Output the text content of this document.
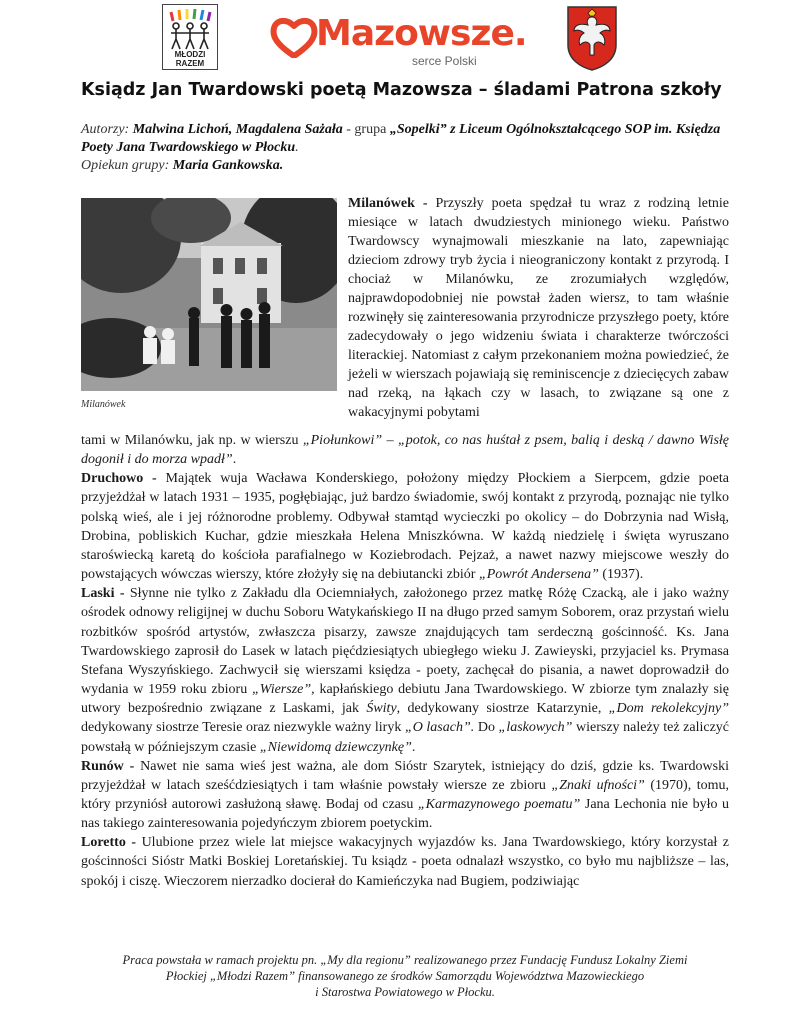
MŁODZI
RAZEM
Mazowsze.
serce Polski
Ksiądz Jan Twardowski poetą Mazowsza – śladami Patrona szkoły
Autorzy: Malwina Lichoń, Magdalena Sażała - grupa „Sopelki” z Liceum Ogólnokształcącego SOP im. Księdza Poety Jana Twardowskiego w Płocku.
Opiekun grupy: Maria Gankowska.
Milanówek
Milanówek - Przyszły poeta spędzał tu wraz z rodziną letnie miesiące w latach dwudziestych minionego wieku. Państwo Twardowscy wynajmowali mieszkanie na lato, zapewniając dzieciom zdrowy tryb życia i nieograniczony kontakt z przyrodą. I chociaż w Milanówku, ze zrozumiałych względów, najprawdopodobniej nie powstał żaden wiersz, to tam właśnie rozwinęły się zainteresowania przyrodnicze przyszłego poety, które zadecydowały o jego widzeniu świata i charakterze twórczości literackiej. Natomiast z całym przekonaniem można powiedzieć, że jeżeli w wierszach pojawiają się reminiscencje z dziecięcych zabaw nad rzeką, na łąkach czy w lasach, to związane są one z wakacyjnymi pobytami

tami w Milanówku, jak np. w wierszu „Piołunkowi” – „potok, co nas huśtał z psem, balią i deską / dawno Wisłę dogonił i do morza wpadł”.

Druchowo - Majątek wuja Wacława Konderskiego, położony między Płockiem a Sierpcem, gdzie poeta przyjeżdżał w latach 1931 – 1935, pogłębiając, już bardzo świadomie, swój kontakt z przyrodą, poznając nie tylko polską wieś, ale i jej różnorodne problemy. Odbywał stamtąd wycieczki po okolicy – do Dobrzynia nad Wisłą, Drobina, pobliskich Kuchar, gdzie mieszkała Helena Mniszkówna. W każdą niedzielę i święta wyruszano staroświecką karetą do kościoła parafialnego w Koziebrodach. Pejzaż, a nawet nazwy miejscowe weszły do powstających wówczas wierszy, które złożyły się na debiutancki zbiór „Powrót Andersena” (1937).

Laski - Słynne nie tylko z Zakładu dla Ociemniałych, założonego przez matkę Różę Czacką, ale i jako ważny ośrodek odnowy religijnej w duchu Soboru Watykańskiego II na długo przed samym Soborem, oraz przystań wielu rozbitków spośród artystów, zwłaszcza pisarzy, zawsze znajdujących tam serdeczną gościnność. Ks. Jana Twardowskiego zaprosił do Lasek w latach pięćdziesiątych ubiegłego wieku J. Zawieyski, przyjaciel ks. Prymasa Stefana Wyszyńskiego. Zachwycił się wierszami księdza - poety, zachęcał do pisania, a nawet doprowadził do wydania w 1959 roku zbioru „Wiersze”, kapłańskiego debiutu Jana Twardowskiego. W zbiorze tym znalazły się utwory bezpośrednio związane z Laskami, jak Świty, dedykowany siostrze Katarzynie, „Dom rekolekcyjny” dedykowany siostrze Teresie oraz niezwykle ważny liryk „O lasach”. Do „laskowych” wierszy należy też zaliczyć powstałą w późniejszym czasie „Niewidomą dziewczynkę”.

Runów - Nawet nie sama wieś jest ważna, ale dom Sióstr Szarytek, istniejący do dziś, gdzie ks. Twardowski przyjeżdżał w latach sześćdziesiątych i tam właśnie powstały wiersze ze zbioru „Znaki ufności” (1970), tomu, który przyniósł autorowi zasłużoną sławę. Bodaj od czasu „Karmazynowego poematu” Jana Lechonia nie było u nas takiego zainteresowania pojedyńczym zbiorem poetyckim.

Loretto - Ulubione przez wiele lat miejsce wakacyjnych wyjazdów ks. Jana Twardowskiego, który korzystał z gościnności Sióstr Matki Boskiej Loretańskiej. Tu ksiądz - poeta odnalazł wszystko, co było mu najbliższe – las, spokój i ciszę. Wieczorem nierzadko docierał do Kamieńczyka nad Bugiem, podziwiając

Praca powstała w ramach projektu pn. „My dla regionu” realizowanego przez Fundację Fundusz Lokalny Ziemi
Płockiej „Młodzi Razem” finansowanego ze środków Samorządu Województwa Mazowieckiego
i Starostwa Powiatowego w Płocku.
